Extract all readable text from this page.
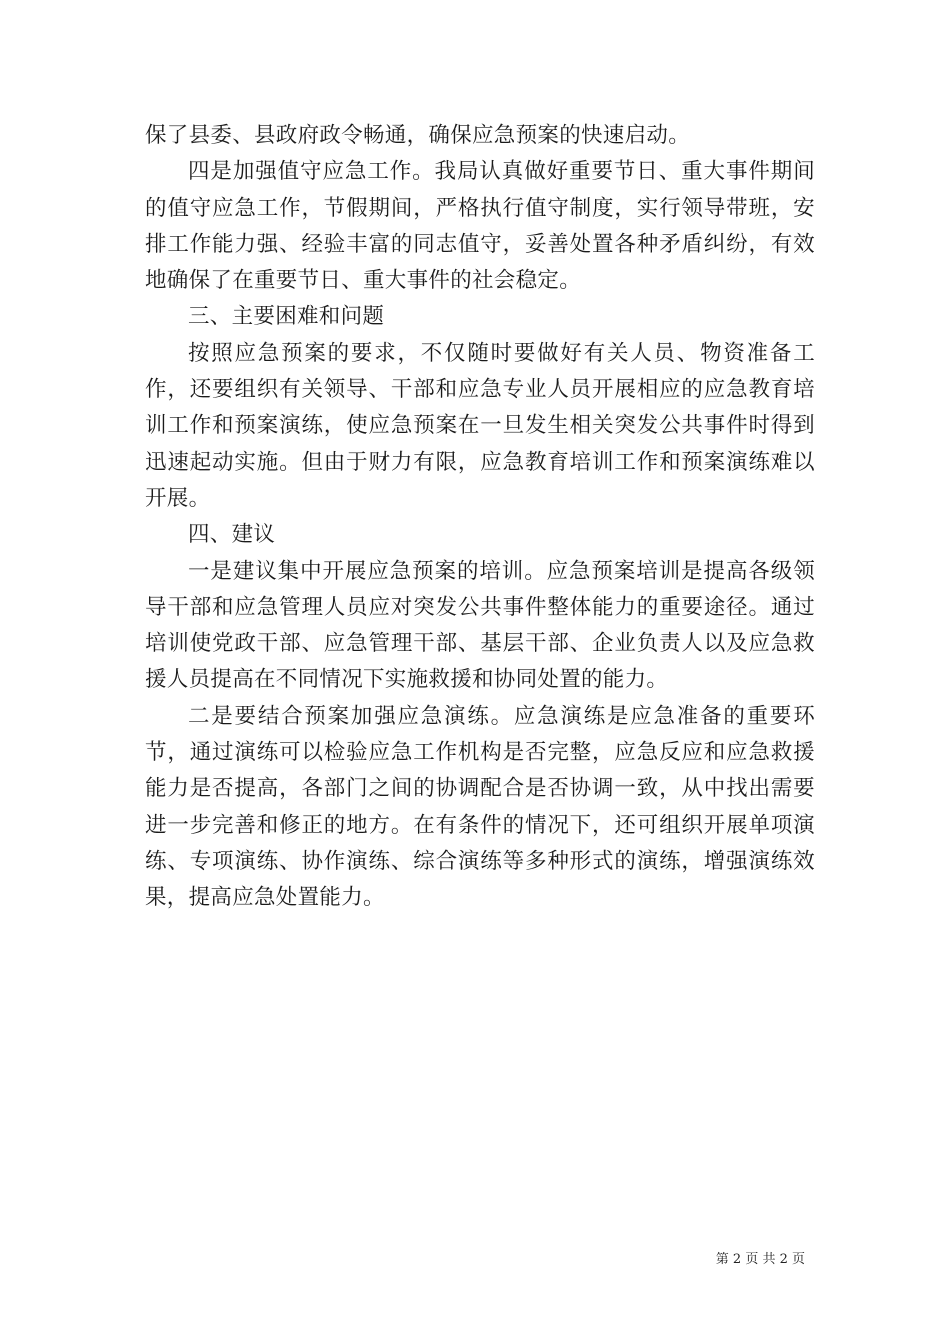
保了县委、县政府政令畅通，确保应急预案的快速启动。

四是加强值守应急工作。我局认真做好重要节日、重大事件期间的值守应急工作，节假期间，严格执行值守制度，实行领导带班，安排工作能力强、经验丰富的同志值守，妥善处置各种矛盾纠纷，有效地确保了在重要节日、重大事件的社会稳定。

三、主要困难和问题

按照应急预案的要求，不仅随时要做好有关人员、物资准备工作，还要组织有关领导、干部和应急专业人员开展相应的应急教育培训工作和预案演练，使应急预案在一旦发生相关突发公共事件时得到迅速起动实施。但由于财力有限，应急教育培训工作和预案演练难以开展。

四、建议

一是建议集中开展应急预案的培训。应急预案培训是提高各级领导干部和应急管理人员应对突发公共事件整体能力的重要途径。通过培训使党政干部、应急管理干部、基层干部、企业负责人以及应急救援人员提高在不同情况下实施救援和协同处置的能力。

二是要结合预案加强应急演练。应急演练是应急准备的重要环节，通过演练可以检验应急工作机构是否完整，应急反应和应急救援能力是否提高，各部门之间的协调配合是否协调一致，从中找出需要进一步完善和修正的地方。在有条件的情况下，还可组织开展单项演练、专项演练、协作演练、综合演练等多种形式的演练，增强演练效果，提高应急处置能力。

第 2 页 共 2 页
